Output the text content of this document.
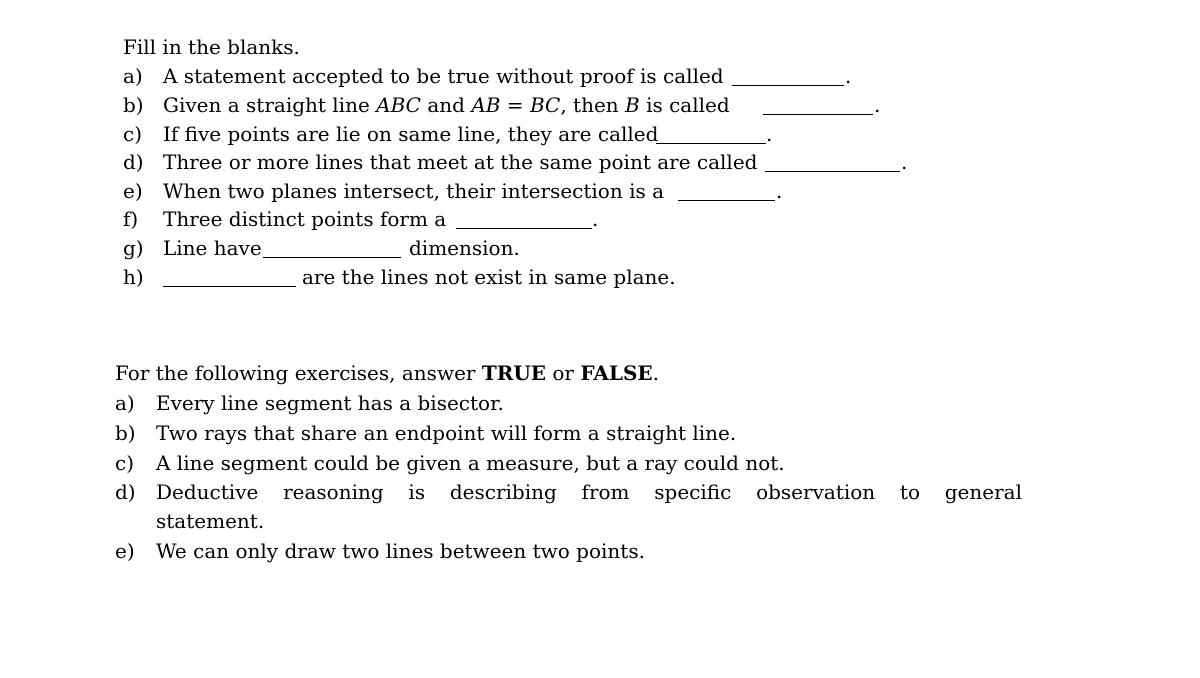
Fill in the blanks.
a) A statement accepted to be true without proof is called	.
b) Given a straight line ABC and AB = BC, then B is called	.
c) If five points are lie on same line, they are called	.
d) Three or more lines that meet at the same point are called	.
e) When two planes intersect, their intersection is a	.
f) Three distinct points form a	.
g) Line have	dimension.
h)	are the lines not exist in same plane.
For the following exercises, answer TRUE or FALSE.
a) Every line segment has a bisector.
b) Two rays that share an endpoint will form a straight line.
c) A line segment could be given a measure, but a ray could not.
d) Deductive reasoning is describing from specific observation to general
statement.
e) We can only draw two lines between two points.
